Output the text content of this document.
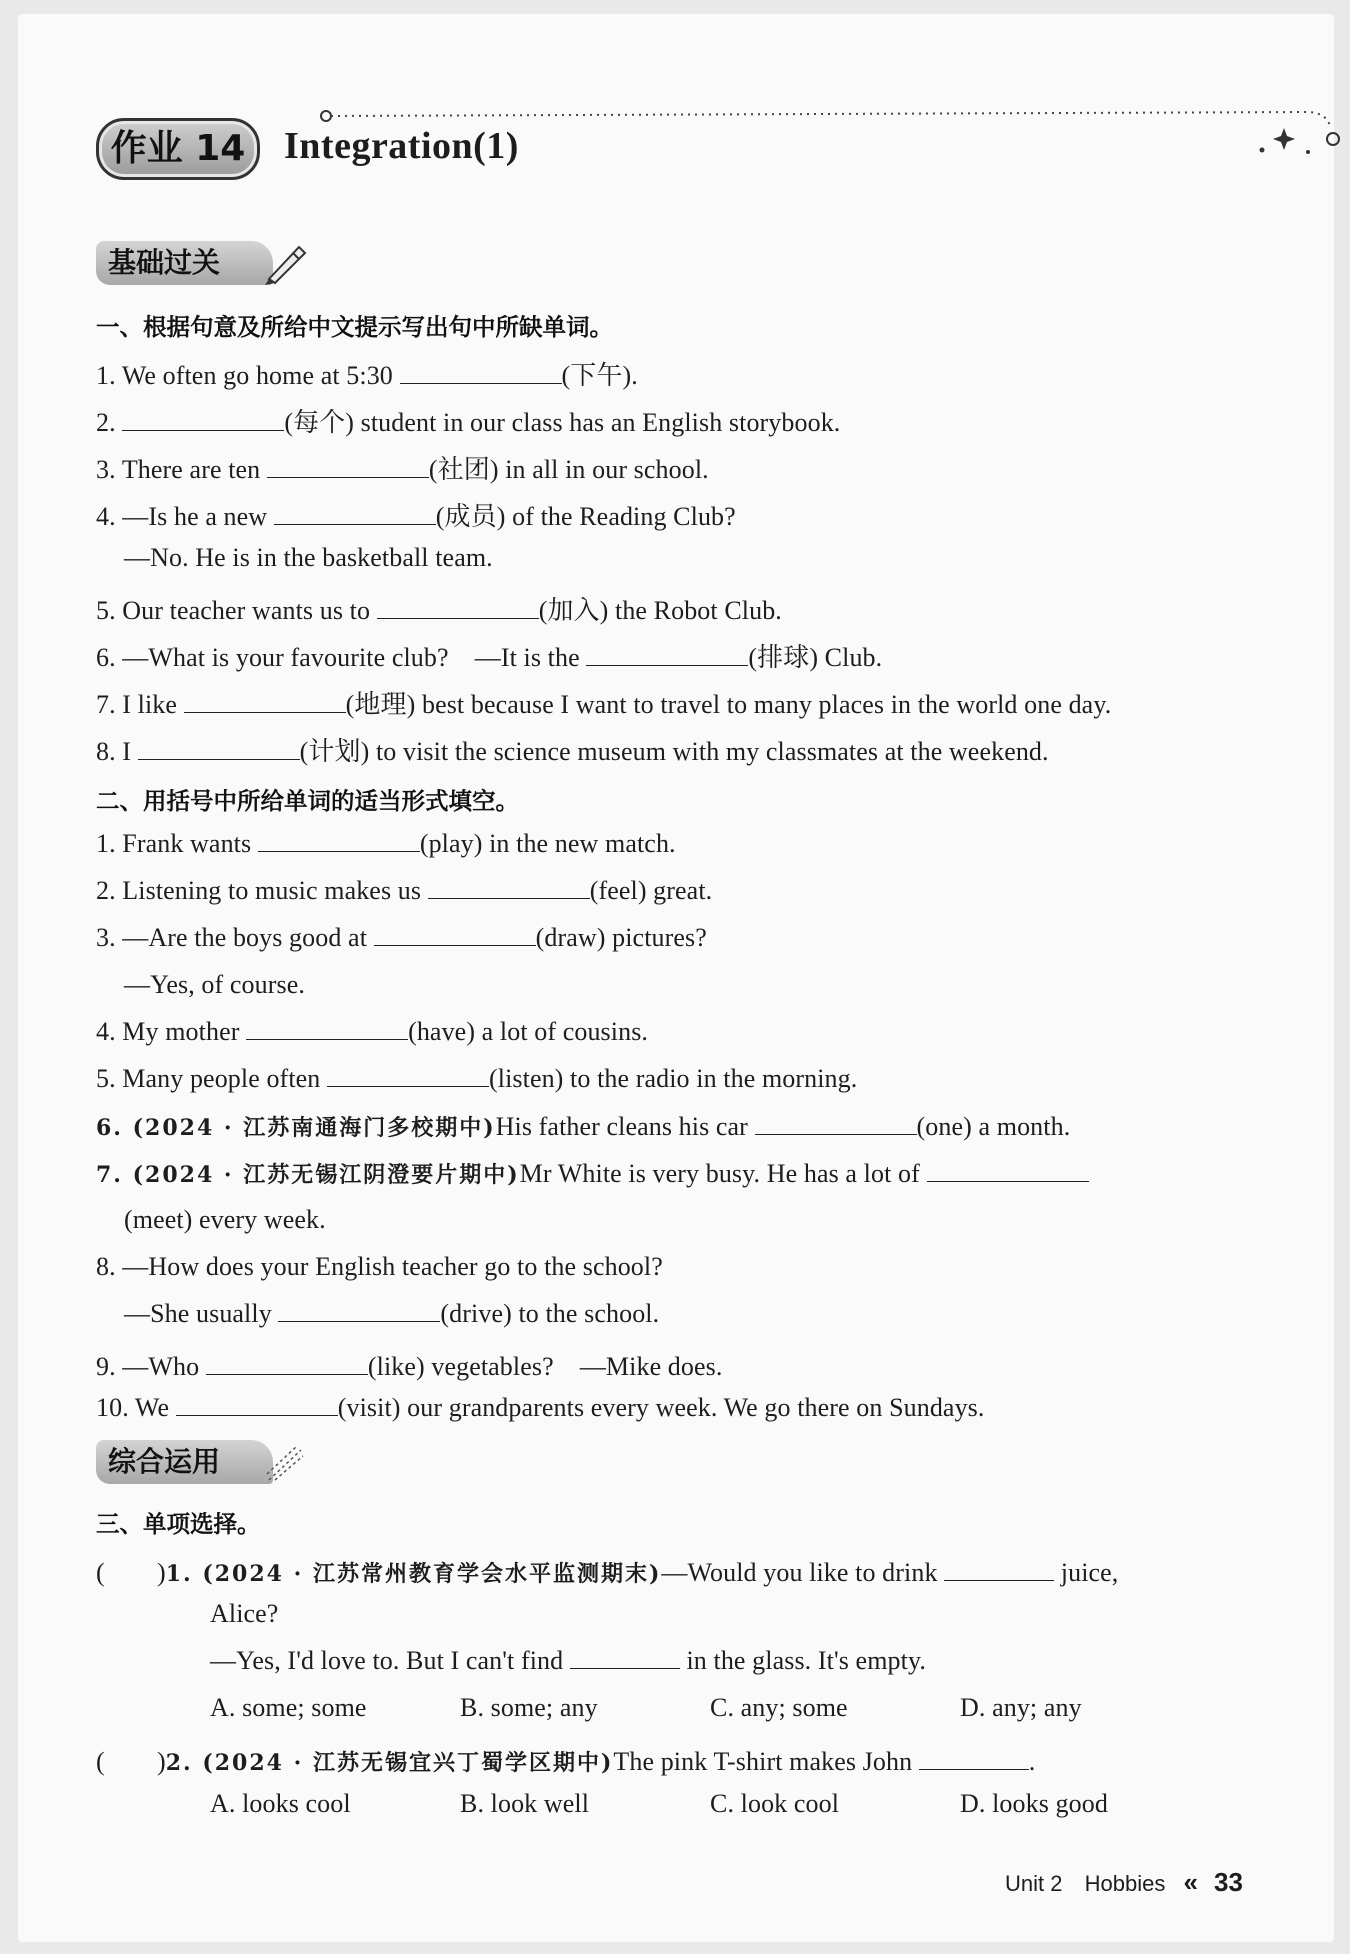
作业 14	Integration(1)
基础过关
一、根据句意及所给中文提示写出句中所缺单词。
1. We often go home at 5:30	(下午).
2.	(每个) student in our class has an English storybook.
3. There are ten	(社团) in all in our school.
4. —Is he a new	(成员) of the Reading Club?
—No. He is in the basketball team.
5. Our teacher wants us to	(加入) the Robot Club.
6. —What is your favourite club?　—It is the	(排球) Club.
7. I like	(地理) best because I want to travel to many places in the world one day.
8. I	(计划) to visit the science museum with my classmates at the weekend.
二、用括号中所给单词的适当形式填空。
1. Frank wants	(play) in the new match.
2. Listening to music makes us	(feel) great.
3. —Are the boys good at	(draw) pictures?
—Yes, of course.
4. My mother	(have) a lot of cousins.
5. Many people often	(listen) to the radio in the morning.
6. (2024 · 江苏南通海门多校期中)His father cleans his car	(one) a month.
7. (2024 · 江苏无锡江阴澄要片期中)Mr White is very busy. He has a lot of
(meet) every week.
8. —How does your English teacher go to the school?
—She usually	(drive) to the school.
9. —Who	(like) vegetables?　—Mike does.
10. We	(visit) our grandparents every week. We go there on Sundays.
综合运用
三、单项选择。
(　　)1. (2024 · 江苏常州教育学会水平监测期末)—Would you like to drink	juice,
Alice?
—Yes, I'd love to. But I can't find	in the glass. It's empty.
A. some; some	B. some; any	C. any; some	D. any; any
(　　)2. (2024 · 江苏无锡宜兴丁蜀学区期中)The pink T-shirt makes John	.
A. looks cool	B. look well	C. look cool	D. looks good
Unit 2 Hobbies « 33
